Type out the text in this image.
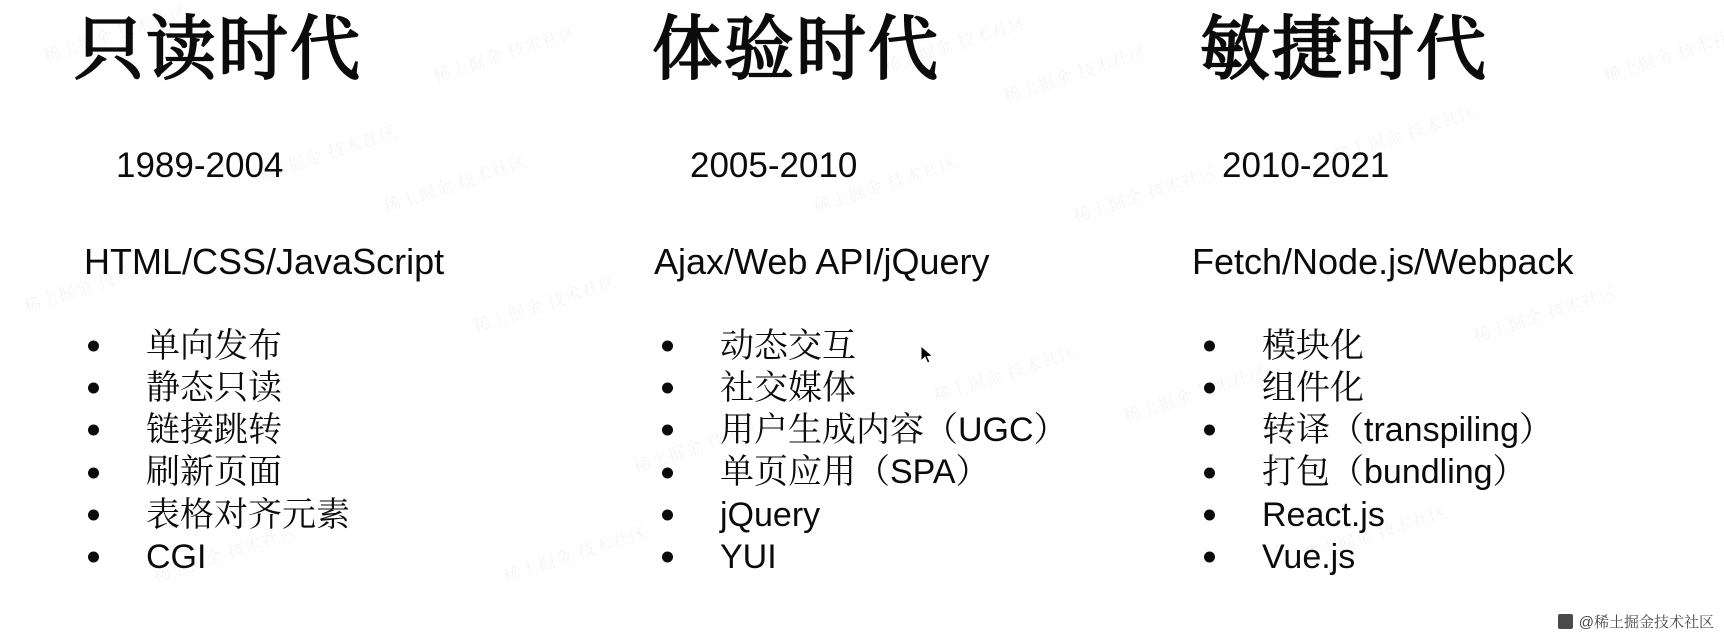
只读时代

1989-2004

HTML/CSS/JavaScript

单向发布
静态只读
链接跳转
刷新页面
表格对齐元素
CGI
体验时代

2005-2010

Ajax/Web API/jQuery

动态交互
社交媒体
用户生成内容（UGC）
单页应用（SPA）
jQuery
YUI
敏捷时代

2010-2021

Fetch/Node.js/Webpack

模块化
组件化
转译（transpiling）
打包（bundling）
React.js
Vue.js
@稀土掘金技术社区
